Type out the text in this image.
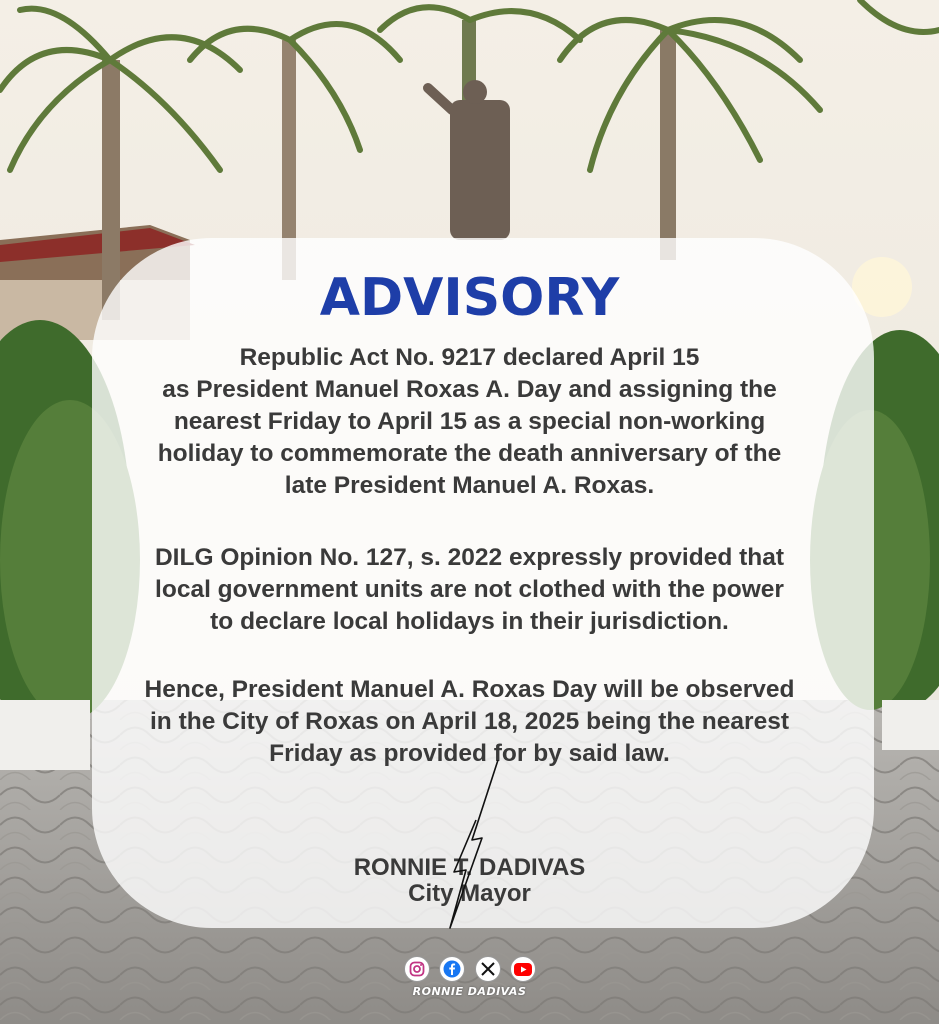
ADVISORY
Republic Act No. 9217 declared April 15
as President Manuel Roxas A. Day and assigning the
nearest Friday to April 15 as a special non-working
holiday to commemorate the death anniversary of the
late President Manuel A. Roxas.
DILG Opinion No. 127, s. 2022 expressly provided that
local government units are not clothed with the power
to declare local holidays in their jurisdiction.
Hence, President Manuel A. Roxas Day will be observed
in the City of Roxas on April 18, 2025 being the nearest
Friday as provided for by said law.
RONNIE T. DADIVAS
City Mayor
RONNIE DADIVAS
